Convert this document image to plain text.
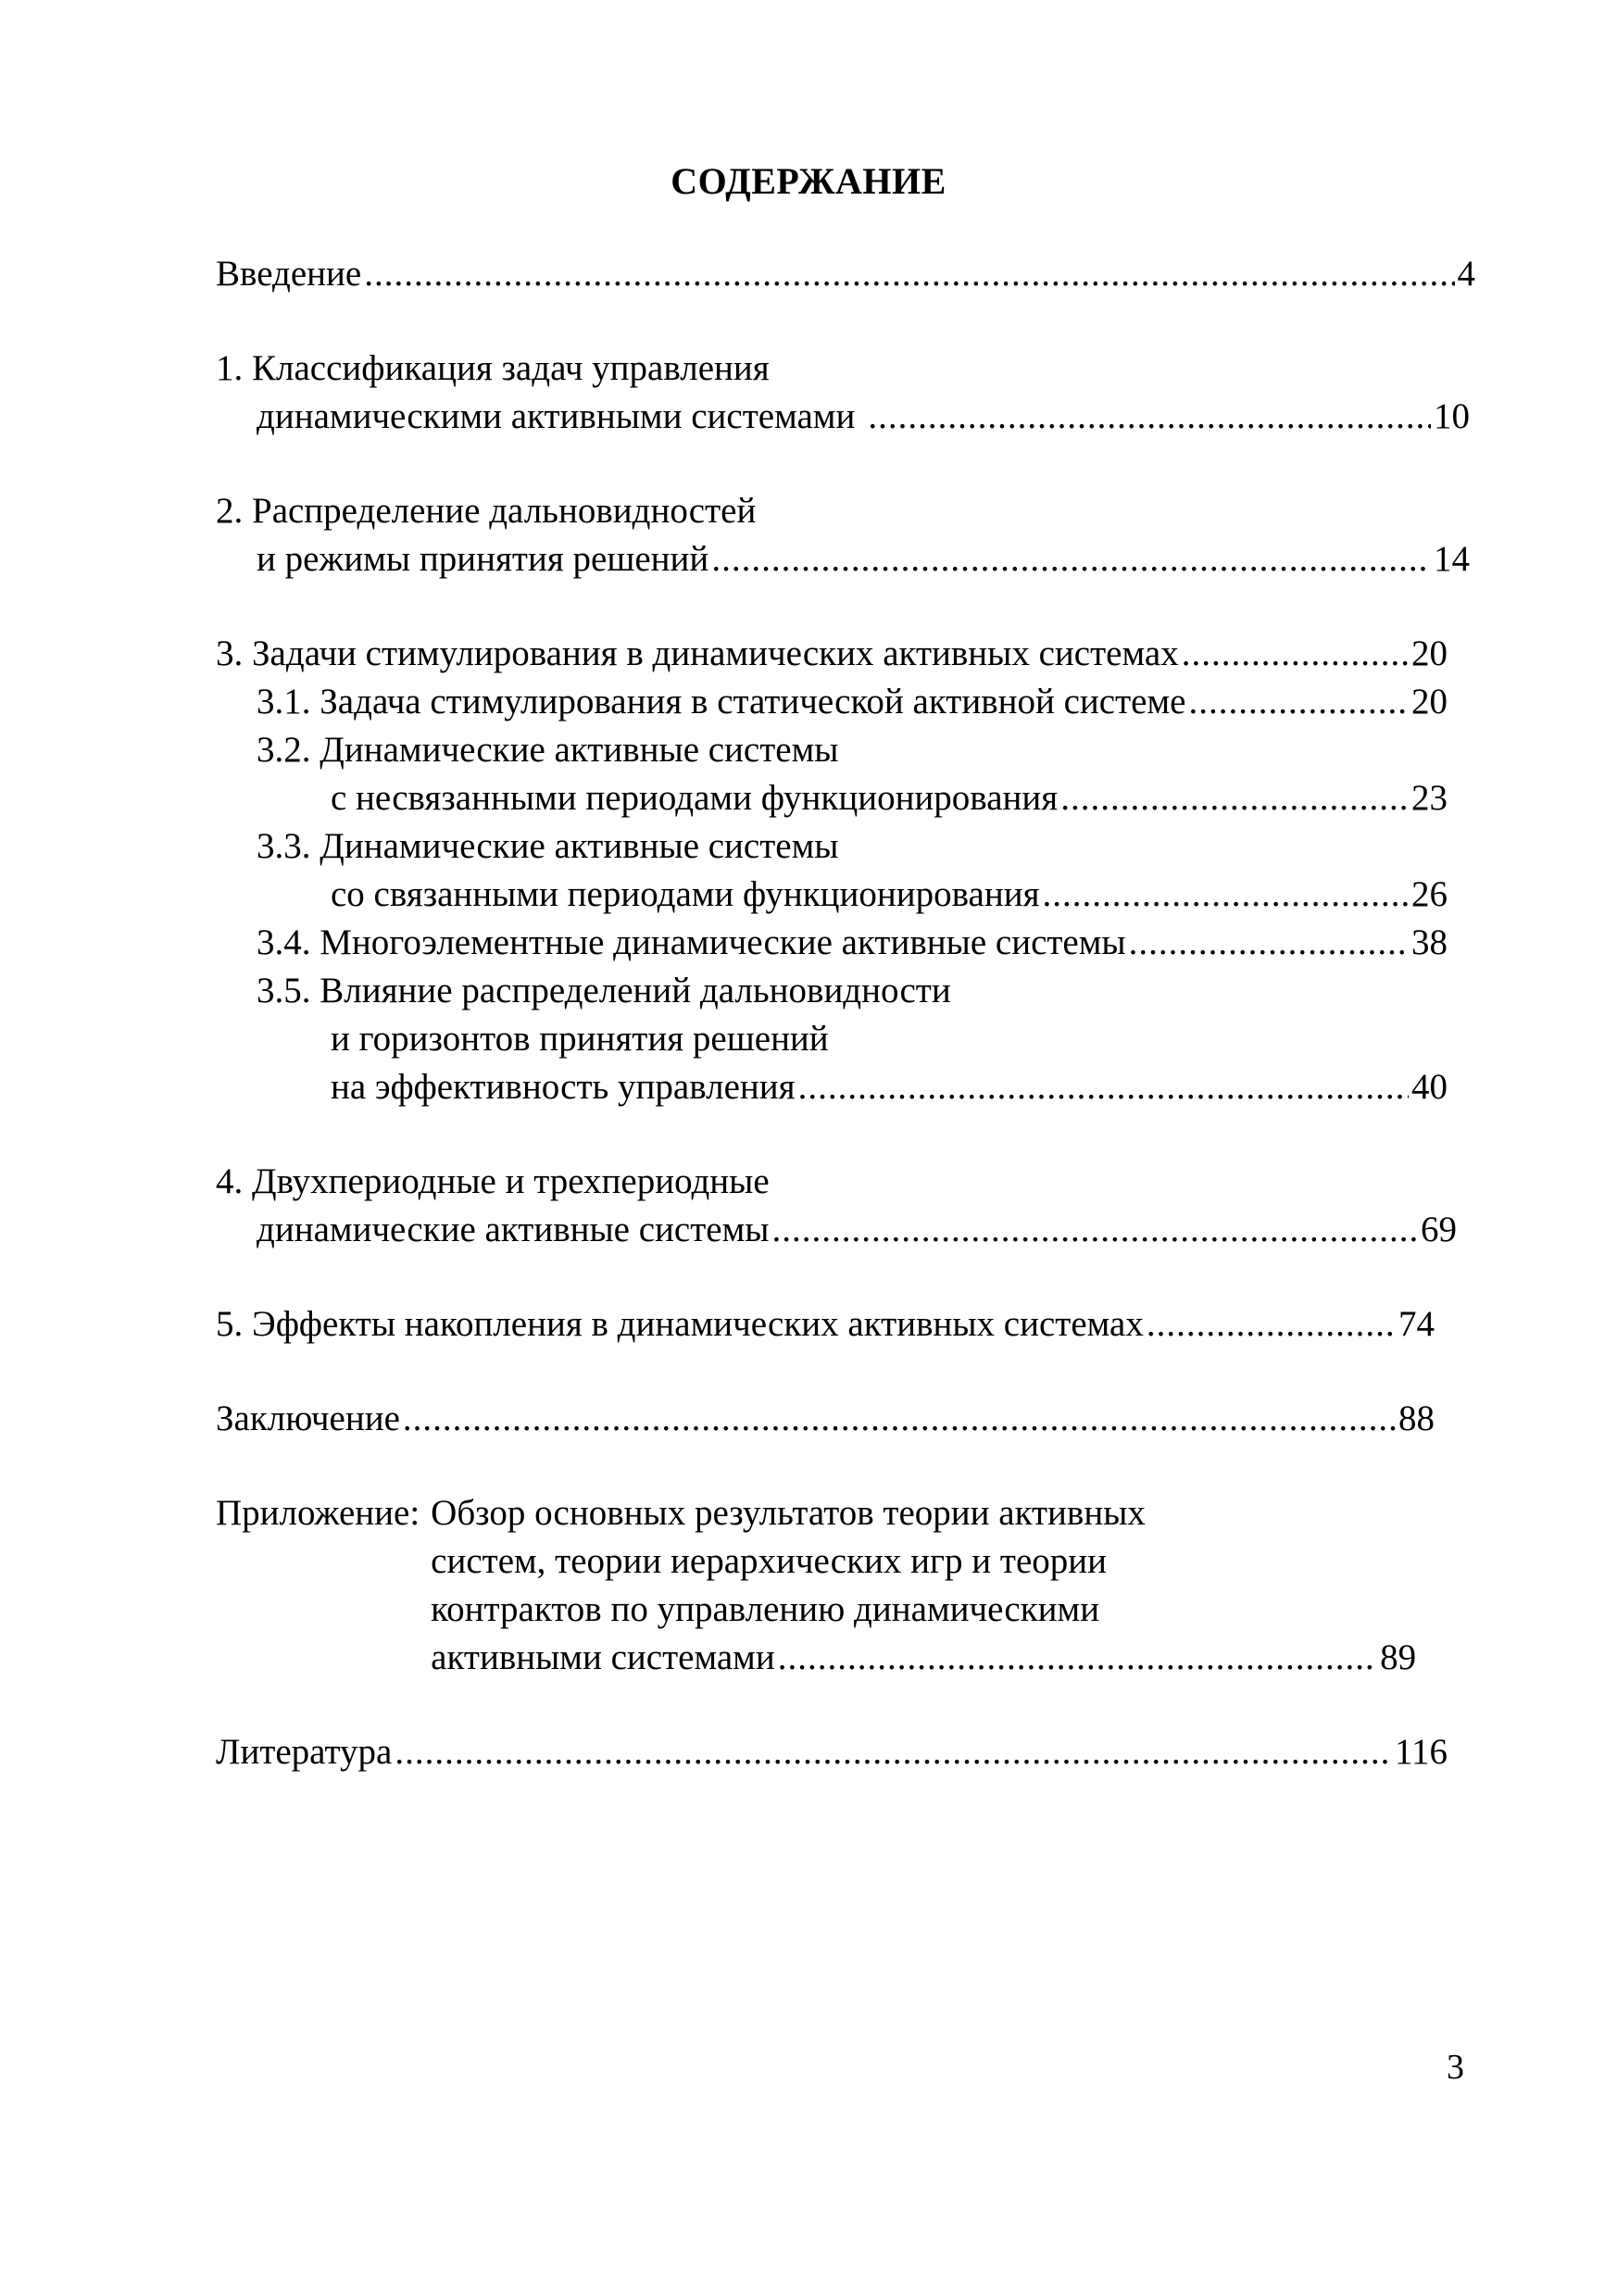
СОДЕРЖАНИЕ
Введение .....	4
1. Классификация задач управления
динамическими активными системами .....	10
2. Распределение дальновидностей
и режимы принятия решений .....	14
3. Задачи стимулирования в динамических активных системах .....	20
3.1. Задача стимулирования в статической активной системе .....	20
3.2. Динамические активные системы
с несвязанными периодами функционирования .....	23
3.3. Динамические активные системы
со связанными периодами функционирования .....	26
3.4. Многоэлементные динамические активные системы .....	38
3.5. Влияние распределений дальновидности
и горизонтов принятия решений
на эффективность управления .....	40
4. Двухпериодные и трехпериодные
динамические активные системы .....	69
5. Эффекты накопления в динамических активных системах .....	74
Заключение .....	88
Приложение: Обзор основных результатов теории активных
систем, теории иерархических игр и теории
контрактов по управлению динамическими
активными системами .....	89
Литература .....	116
3
